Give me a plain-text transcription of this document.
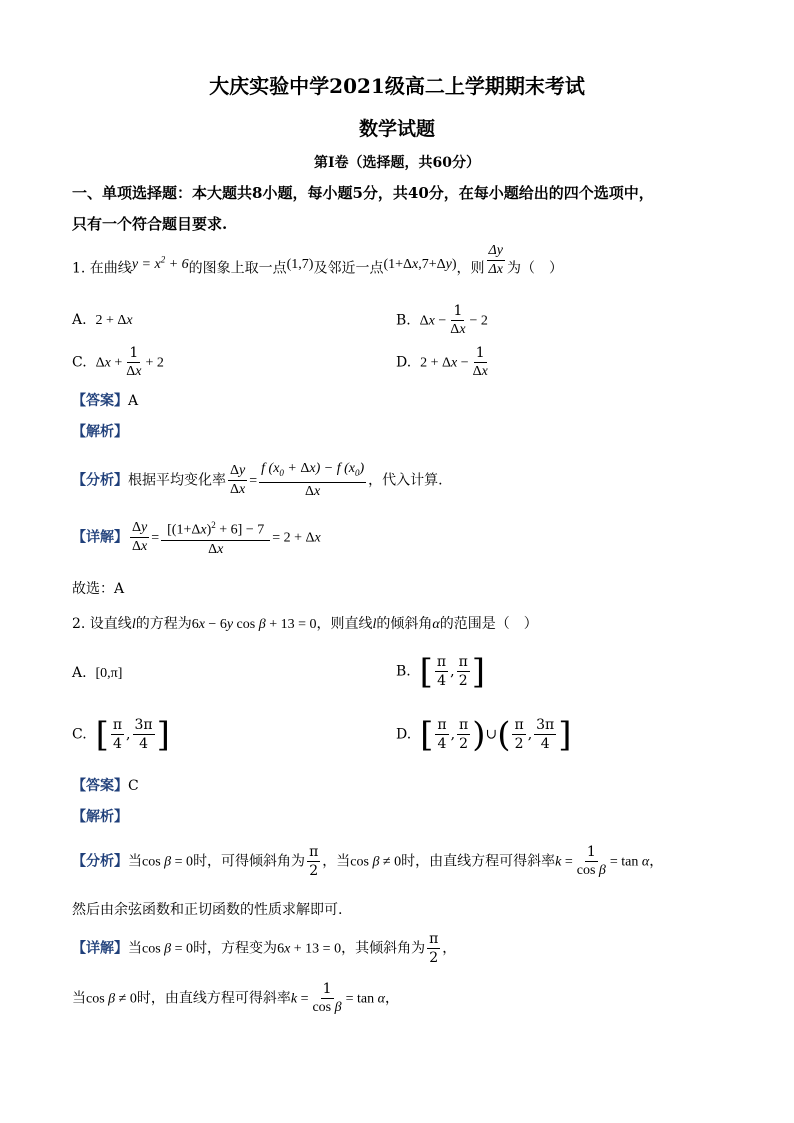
大庆实验中学2021级高二上学期期末考试
数学试题
第Ⅰ卷（选择题，共60分）
一、单项选择题：本大题共8小题，每小题5分，共40分，在每小题给出的四个选项中，
只有一个符合题目要求.
1. 在曲线$y = x^2 + 6$的图象上取一点(1,7)及邻近一点(1+Δx,7+Δy)，则 $\frac{\Delta y}{\Delta x}$ 为（　）
A. 2 + Δx	B. $\Delta x - \frac{1}{\Delta x} - 2$
C. $\Delta x + \frac{1}{\Delta x} + 2$	D. $2 + \Delta x - \frac{1}{\Delta x}$
【答案】A
【解析】
【分析】根据平均变化率 $\frac{\Delta y}{\Delta x} = \frac{f (x_0 + \Delta x) - f (x_0)}{\Delta x}$ ，代入计算.
【详解】 $\frac{\Delta y}{\Delta x} = \frac{[(1+\Delta x)^2 + 6] - 7}{\Delta x} = 2 + \Delta x$
故选：A
2. 设直线l的方程为6x − 6y cos β + 13 = 0，则直线l的倾斜角α的范围是（　）
A. [0,π]	B. [ $\frac{\pi}{4}$ , $\frac{\pi}{2}$ ]
C. [ $\frac{\pi}{4}$ , $\frac{3\pi}{4}$ ]	D. [ $\frac{\pi}{4}$ , $\frac{\pi}{2}$ )∪( $\frac{\pi}{2}$ , $\frac{3\pi}{4}$ ]
【答案】C
【解析】
【分析】当cos β = 0时，可得倾斜角为 $\frac{\pi}{2}$ ，当cos β ≠ 0时，由直线方程可得斜率$k = \frac{1}{\text{cos β}} = \tan \alpha$，
然后由余弦函数和正切函数的性质求解即可.
【详解】当cos β = 0时，方程变为6x + 13 = 0，其倾斜角为 $\frac{\pi}{2}$ ，
当cos β ≠ 0时，由直线方程可得斜率$k = \frac{1}{\text{cos β}} = \tan \alpha$，
